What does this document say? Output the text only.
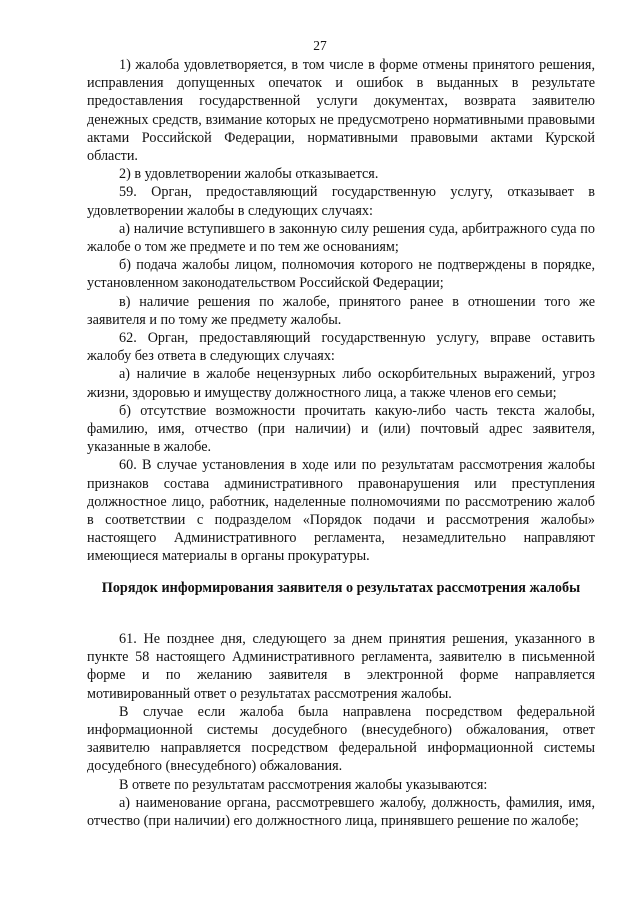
27

1) жалоба удовлетворяется, в том числе в форме отмены принятого решения, исправления допущенных опечаток и ошибок в выданных в результате предоставления государственной услуги документах, возврата заявителю денежных средств, взимание которых не предусмотрено нормативными правовыми актами Российской Федерации, нормативными правовыми актами Курской области.

2) в удовлетворении жалобы отказывается.

59. Орган, предоставляющий государственную услугу, отказывает в удовлетворении жалобы в следующих случаях:

а) наличие вступившего в законную силу решения суда, арбитражного суда по жалобе о том же предмете и по тем же основаниям;

б) подача жалобы лицом, полномочия которого не подтверждены в порядке, установленном законодательством Российской Федерации;

в) наличие решения по жалобе, принятого ранее в отношении того же заявителя и по тому же предмету жалобы.

62. Орган, предоставляющий государственную услугу, вправе оставить жалобу без ответа в следующих случаях:

а) наличие в жалобе нецензурных либо оскорбительных выражений, угроз жизни, здоровью и имуществу должностного лица, а также членов его семьи;

б) отсутствие возможности прочитать какую-либо часть текста жалобы, фамилию, имя, отчество (при наличии) и (или) почтовый адрес заявителя, указанные в жалобе.

60. В случае установления в ходе или по результатам рассмотрения жалобы признаков состава административного правонарушения или преступления должностное лицо, работник, наделенные полномочиями по рассмотрению жалоб в соответствии с подразделом «Порядок подачи и рассмотрения жалобы» настоящего Административного регламента, незамедлительно направляют имеющиеся материалы в органы прокуратуры.

Порядок информирования заявителя о результатах рассмотрения жалобы

61. Не позднее дня, следующего за днем принятия решения, указанного в пункте 58 настоящего Административного регламента, заявителю в письменной форме и по желанию заявителя в электронной форме направляется мотивированный ответ о результатах рассмотрения жалобы.

В случае если жалоба была направлена посредством федеральной информационной системы досудебного (внесудебного) обжалования, ответ заявителю направляется посредством федеральной информационной системы досудебного (внесудебного) обжалования.

В ответе по результатам рассмотрения жалобы указываются:

а) наименование органа, рассмотревшего жалобу, должность, фамилия, имя, отчество (при наличии) его должностного лица, принявшего решение по жалобе;
